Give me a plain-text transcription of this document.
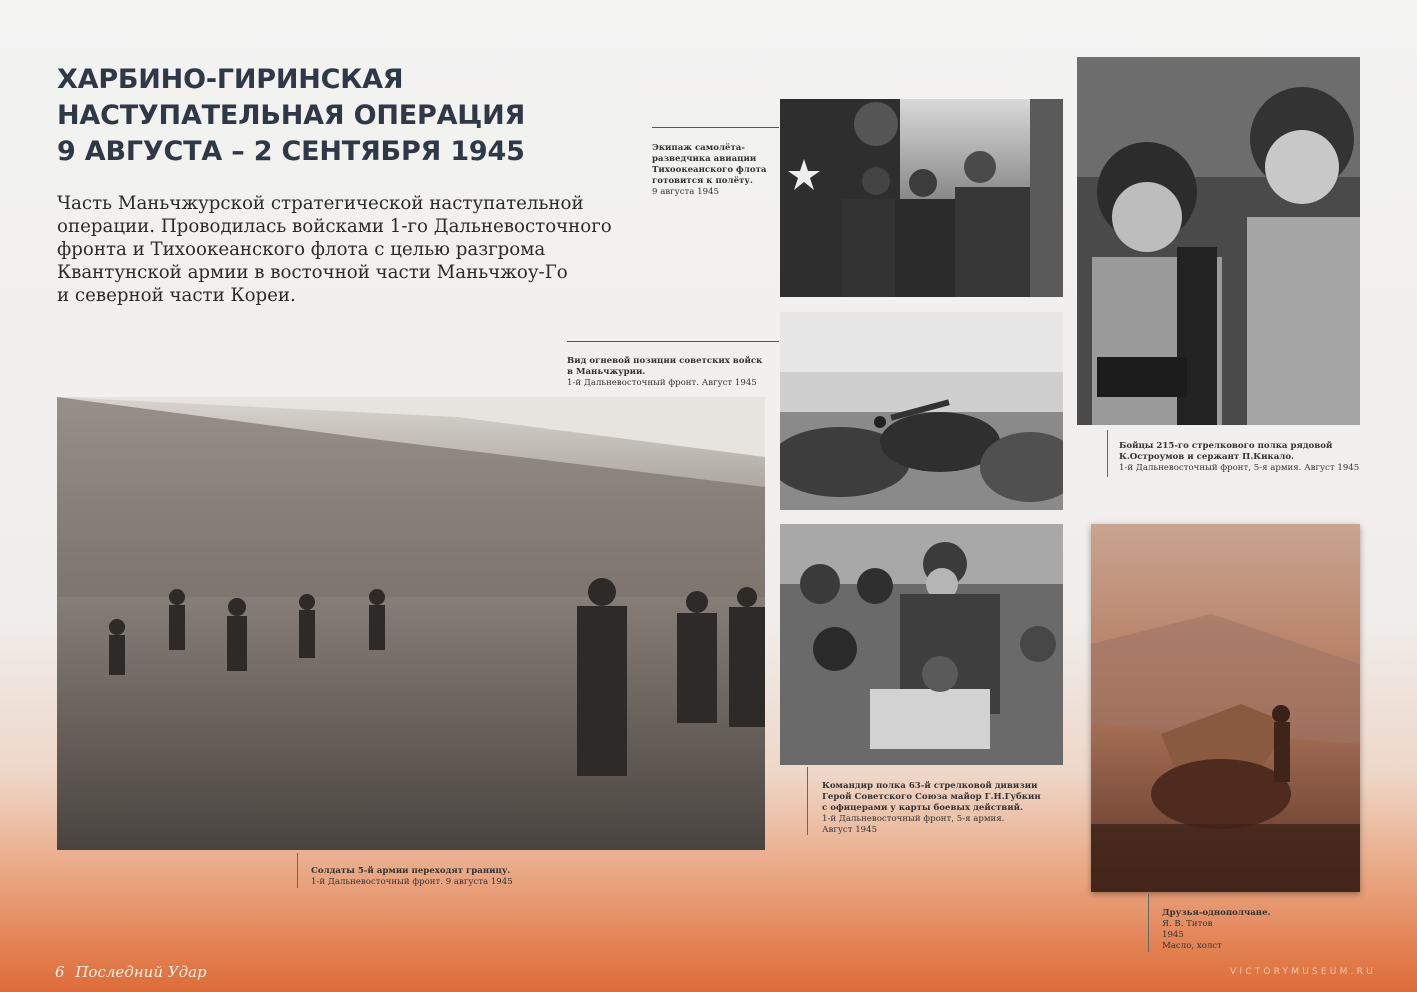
ХАРБИНО-ГИРИНСКАЯ
НАСТУПАТЕЛЬНАЯ ОПЕРАЦИЯ
9 АВГУСТА – 2 СЕНТЯБРЯ 1945
Часть Маньчжурской стратегической наступательной
операции. Проводилась войсками 1-го Дальневосточного
фронта и Тихоокеанского флота с целью разгрома
Квантунской армии в восточной части Маньчжоу-Го
и северной части Кореи.
Экипаж самолёта-
разведчика авиации
Тихоокеанского флота
готовится к полёту.
9 августа 1945
Бойцы 215-го стрелкового полка рядовой
К.Остроумов и сержант П.Кикало.
1-й Дальневосточный фронт, 5-я армия. Август 1945
Вид огневой позиции советских войск
в Маньчжурии.
1-й Дальневосточный фронт. Август 1945
Солдаты 5-й армии переходят границу.
1-й Дальневосточный фронт. 9 августа 1945
Командир полка 63-й стрелковой дивизии
Герой Советского Союза майор Г.Н.Губкин
с офицерами у карты боевых действий.
1-й Дальневосточный фронт, 5-я армия.
Август 1945
Друзья-однополчане.
Я. В. Титов
1945
Масло, холст
6 Последний Удар	VICTORYMUSEUM.RU
